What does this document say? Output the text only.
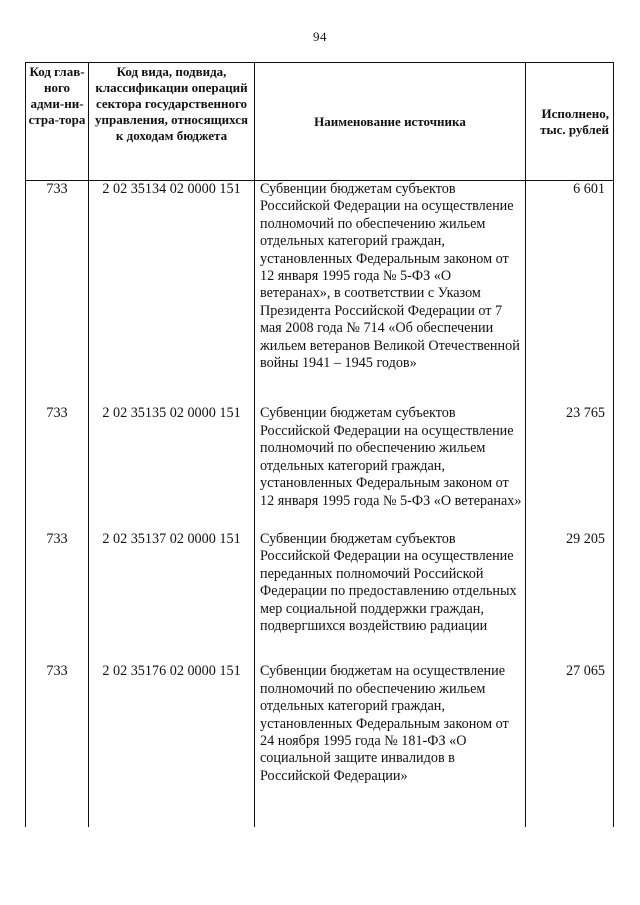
94
Код глав-ного адми-ни-стра-тора	Код вида, подвида, классификации операций сектора государственного управления, относящихся к доходам бюджета	Наименование источника	Исполнено, тыс. рублей
733	2 02 35134 02 0000 151	Субвенции бюджетам субъектов Российской Федерации на осуществление полномочий по обеспечению жильем отдельных категорий граждан, установленных Федеральным законом от 12 января 1995 года № 5-ФЗ «О ветеранах», в соответствии с Указом Президента Российской Федерации от 7 мая 2008 года № 714 «Об обеспечении жильем ветеранов Великой Отечественной войны 1941 – 1945 годов»	6 601
733	2 02 35135 02 0000 151	Субвенции бюджетам субъектов Российской Федерации на осуществление полномочий по обеспечению жильем отдельных категорий граждан, установленных Федеральным законом от 12 января 1995 года № 5-ФЗ «О ветеранах»	23 765
733	2 02 35137 02 0000 151	Субвенции бюджетам субъектов Российской Федерации на осуществление переданных полномочий Российской Федерации по предоставлению отдельных мер социальной поддержки граждан, подвергшихся воздействию радиации	29 205
733	2 02 35176 02 0000 151	Субвенции бюджетам на осуществление полномочий по обеспечению жильем отдельных категорий граждан, установленных Федеральным законом от 24 ноября 1995 года № 181-ФЗ «О социальной защите инвалидов в Российской Федерации»	27 065
